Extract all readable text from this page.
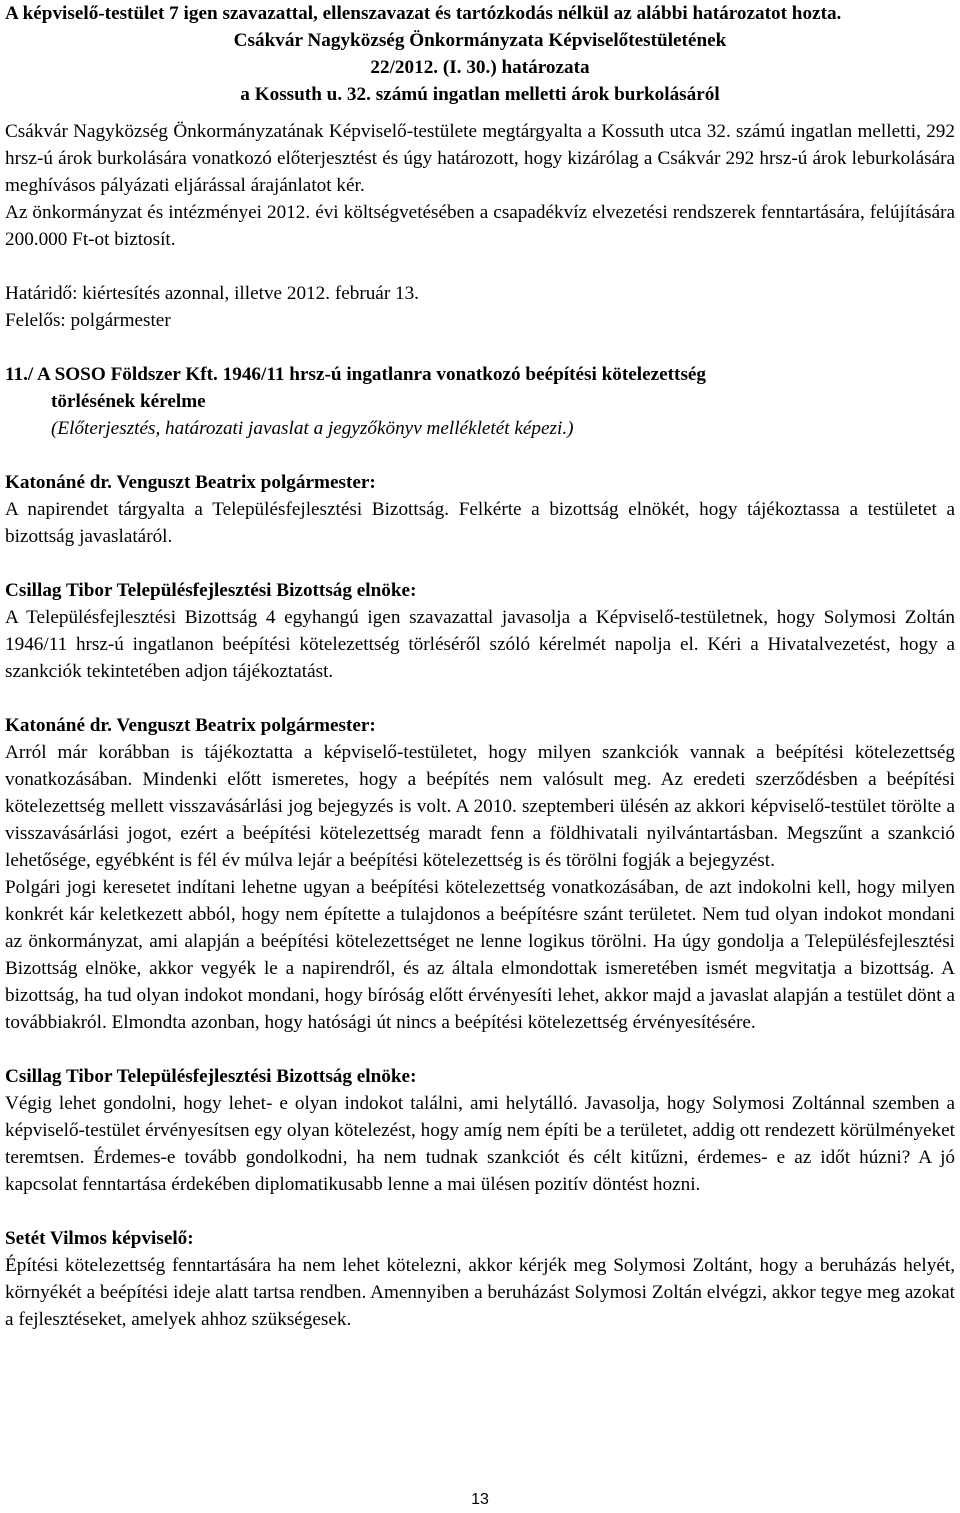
A képviselő-testület 7 igen szavazattal, ellenszavazat és tartózkodás nélkül az alábbi határozatot hozta.

Csákvár Nagyközség Önkormányzata Képviselőtestületének

22/2012. (I. 30.) határozata

a Kossuth u. 32. számú ingatlan melletti árok burkolásáról

Csákvár Nagyközség Önkormányzatának Képviselő-testülete megtárgyalta a Kossuth utca 32. számú ingatlan melletti, 292 hrsz-ú árok burkolására vonatkozó előterjesztést és úgy határozott, hogy kizárólag a Csákvár 292 hrsz-ú árok leburkolására meghívásos pályázati eljárással árajánlatot kér.

Az önkormányzat és intézményei 2012. évi költségvetésében a csapadékvíz elvezetési rendszerek fenntartására, felújítására 200.000 Ft-ot biztosít.

Határidő: kiértesítés azonnal, illetve 2012. február 13.

Felelős: polgármester

11./ A SOSO Földszer Kft. 1946/11 hrsz-ú ingatlanra vonatkozó beépítési kötelezettség

törlésének kérelme

(Előterjesztés, határozati javaslat a jegyzőkönyv mellékletét képezi.)

Katonáné dr. Venguszt Beatrix polgármester:

A napirendet tárgyalta a Településfejlesztési Bizottság. Felkérte a bizottság elnökét, hogy tájékoztassa a testületet a bizottság javaslatáról.

Csillag Tibor Településfejlesztési Bizottság elnöke:

A Településfejlesztési Bizottság 4 egyhangú igen szavazattal javasolja a Képviselő-testületnek, hogy Solymosi Zoltán 1946/11 hrsz-ú ingatlanon beépítési kötelezettség törléséről szóló kérelmét napolja el. Kéri a Hivatalvezetést, hogy a szankciók tekintetében adjon tájékoztatást.

Katonáné dr. Venguszt Beatrix polgármester:

Arról már korábban is tájékoztatta a képviselő-testületet, hogy milyen szankciók vannak a beépítési kötelezettség vonatkozásában. Mindenki előtt ismeretes, hogy a beépítés nem valósult meg. Az eredeti szerződésben a beépítési kötelezettség mellett visszavásárlási jog bejegyzés is volt. A 2010. szeptemberi ülésén az akkori képviselő-testület törölte a visszavásárlási jogot, ezért a beépítési kötelezettség maradt fenn a földhivatali nyilvántartásban. Megszűnt a szankció lehetősége, egyébként is fél év múlva lejár a beépítési kötelezettség is és törölni fogják a bejegyzést.

Polgári jogi keresetet indítani lehetne ugyan a beépítési kötelezettség vonatkozásában, de azt indokolni kell, hogy milyen konkrét kár keletkezett abból, hogy nem építette a tulajdonos a beépítésre szánt területet. Nem tud olyan indokot mondani az önkormányzat, ami alapján a beépítési kötelezettséget ne lenne logikus törölni. Ha úgy gondolja a Településfejlesztési Bizottság elnöke, akkor vegyék le a napirendről, és az általa elmondottak ismeretében ismét megvitatja a bizottság. A bizottság, ha tud olyan indokot mondani, hogy bíróság előtt érvényesíti lehet, akkor majd a javaslat alapján a testület dönt a továbbiakról. Elmondta azonban, hogy hatósági út nincs a beépítési kötelezettség érvényesítésére.

Csillag Tibor Településfejlesztési Bizottság elnöke:

Végig lehet gondolni, hogy lehet- e olyan indokot találni, ami helytálló. Javasolja, hogy Solymosi Zoltánnal szemben a képviselő-testület érvényesítsen egy olyan kötelezést, hogy amíg nem építi be a területet, addig ott rendezett körülményeket teremtsen. Érdemes-e tovább gondolkodni, ha nem tudnak szankciót és célt kitűzni, érdemes- e az időt húzni? A jó kapcsolat fenntartása érdekében diplomatikusabb lenne a mai ülésen pozitív döntést hozni.

Setét Vilmos képviselő:

Építési kötelezettség fenntartására ha nem lehet kötelezni, akkor kérjék meg Solymosi Zoltánt, hogy a beruházás helyét, környékét a beépítési ideje alatt tartsa rendben. Amennyiben a beruházást Solymosi Zoltán elvégzi, akkor tegye meg azokat a fejlesztéseket, amelyek ahhoz szükségesek.

13
